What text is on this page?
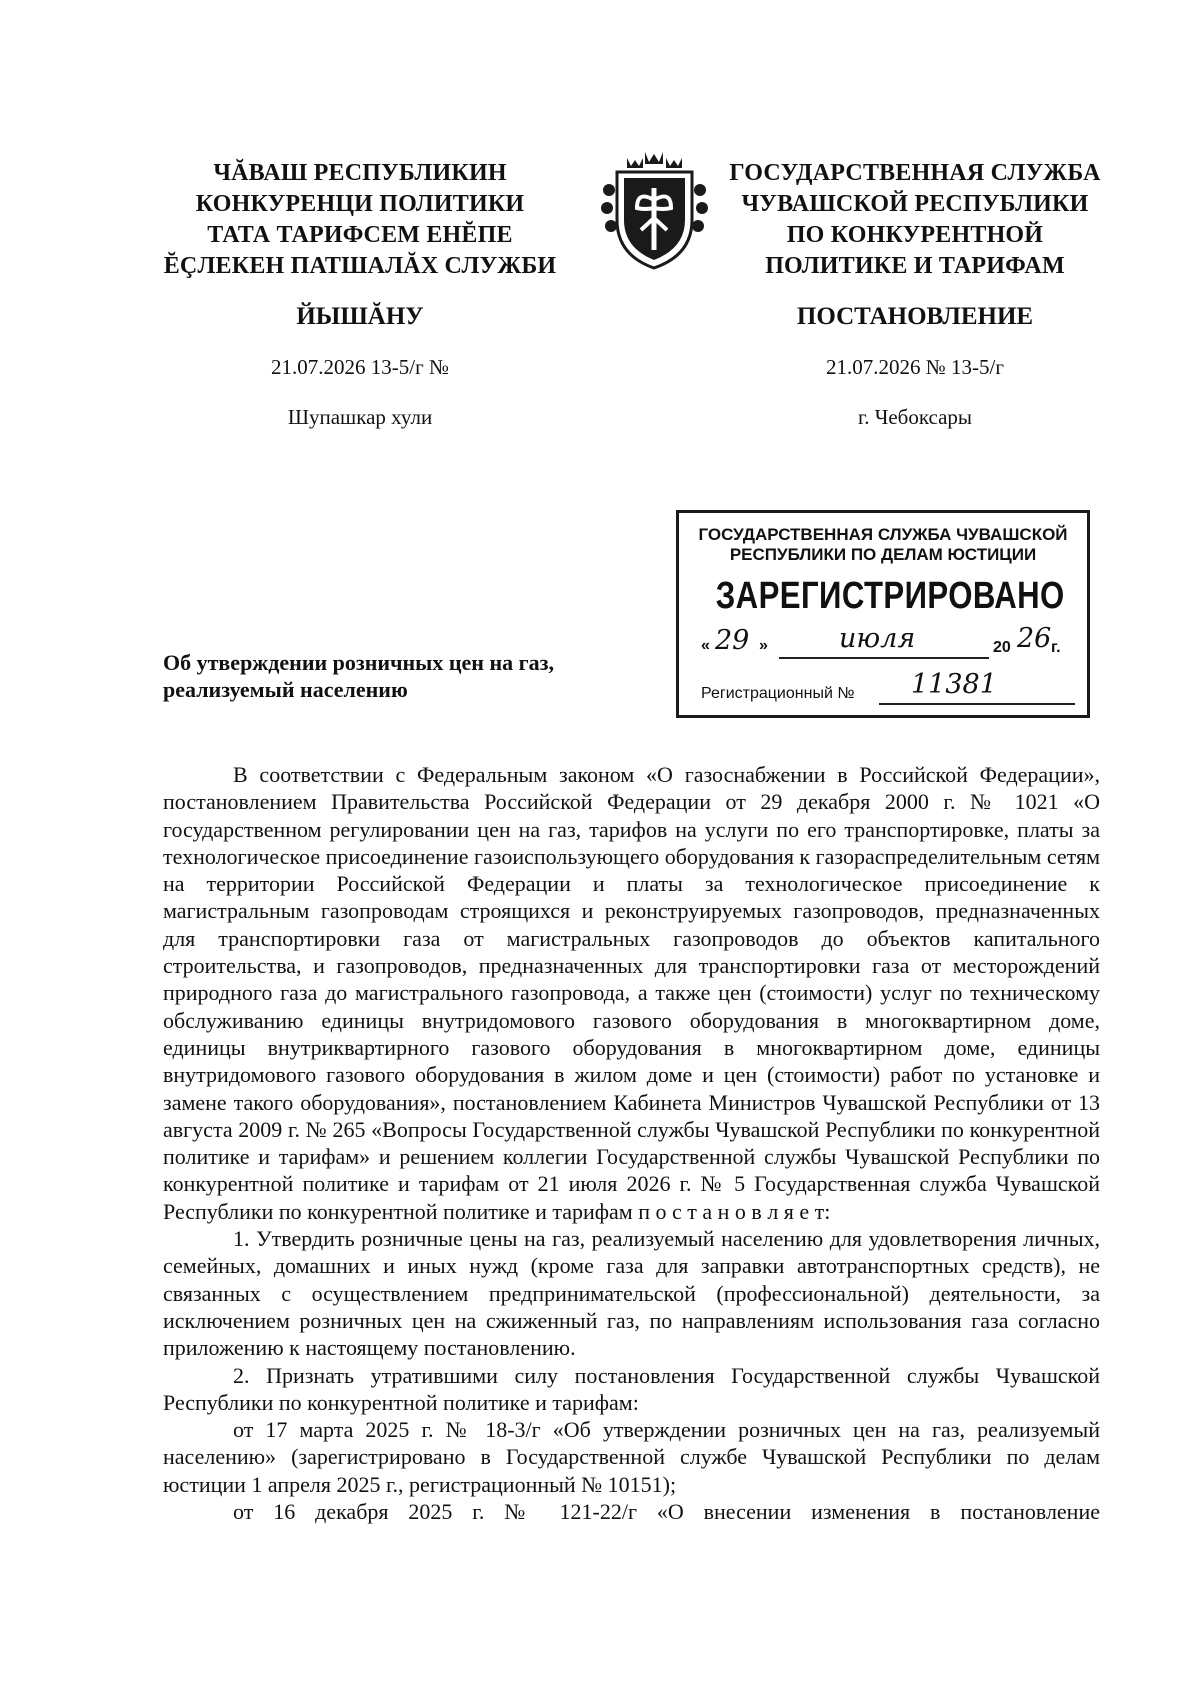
ЧĂВАШ РЕСПУБЛИКИН
КОНКУРЕНЦИ ПОЛИТИКИ
ТАТА ТАРИФСЕМ ЕНĔПЕ
ĔÇЛЕКЕН ПАТШАЛĂХ СЛУЖБИ
ЙЫШĂНУ
21.07.2026 13-5/г №
Шупашкар хули
ГОСУДАРСТВЕННАЯ СЛУЖБА
ЧУВАШСКОЙ РЕСПУБЛИКИ
ПО КОНКУРЕНТНОЙ
ПОЛИТИКЕ И ТАРИФАМ
ПОСТАНОВЛЕНИЕ
21.07.2026 № 13-5/г
г. Чебоксары
ГОСУДАРСТВЕННАЯ СЛУЖБА ЧУВАШСКОЙ
РЕСПУБЛИКИ ПО ДЕЛАМ ЮСТИЦИИ
ЗАРЕГИСТРИРОВАНО
« 29 »	июля	20 26 г.
Регистрационный № 11381
Об утверждении розничных цен на газ,
реализуемый населению

В соответствии с Федеральным законом «О газоснабжении в Российской Федерации», постановлением Правительства Российской Федерации от 29 декабря 2000 г. № 1021 «О государственном регулировании цен на газ, тарифов на услуги по его транспортировке, платы за технологическое присоединение газоиспользующего оборудования к газораспределительным сетям на территории Российской Федерации и платы за технологическое присоединение к магистральным газопроводам строящихся и реконструируемых газопроводов, предназначенных для транспортировки газа от магистральных газопроводов до объектов капитального строительства, и газопроводов, предназначенных для транспортировки газа от месторождений природного газа до магистрального газопровода, а также цен (стоимости) услуг по техническому обслуживанию единицы внутридомового газового оборудования в многоквартирном доме, единицы внутриквартирного газового оборудования в многоквартирном доме, единицы внутридомового газового оборудования в жилом доме и цен (стоимости) работ по установке и замене такого оборудования», постановлением Кабинета Министров Чувашской Республики от 13 августа 2009 г. № 265 «Вопросы Государственной службы Чувашской Республики по конкурентной политике и тарифам» и решением коллегии Государственной службы Чувашской Республики по конкурентной политике и тарифам от 21 июля 2026 г. № 5 Государственная служба Чувашской Республики по конкурентной политике и тарифам п о с т а н о в л я е т:

1. Утвердить розничные цены на газ, реализуемый населению для удовлетворения личных, семейных, домашних и иных нужд (кроме газа для заправки автотранспортных средств), не связанных с осуществлением предпринимательской (профессиональной) деятельности, за исключением розничных цен на сжиженный газ, по направлениям использования газа согласно приложению к настоящему постановлению.

2. Признать утратившими силу постановления Государственной службы Чувашской Республики по конкурентной политике и тарифам:

от 17 марта 2025 г. № 18-3/г «Об утверждении розничных цен на газ, реализуемый населению» (зарегистрировано в Государственной службе Чувашской Республики по делам юстиции 1 апреля 2025 г., регистрационный № 10151);

от 16 декабря 2025 г. № 121-22/г «О внесении изменения в постановление
